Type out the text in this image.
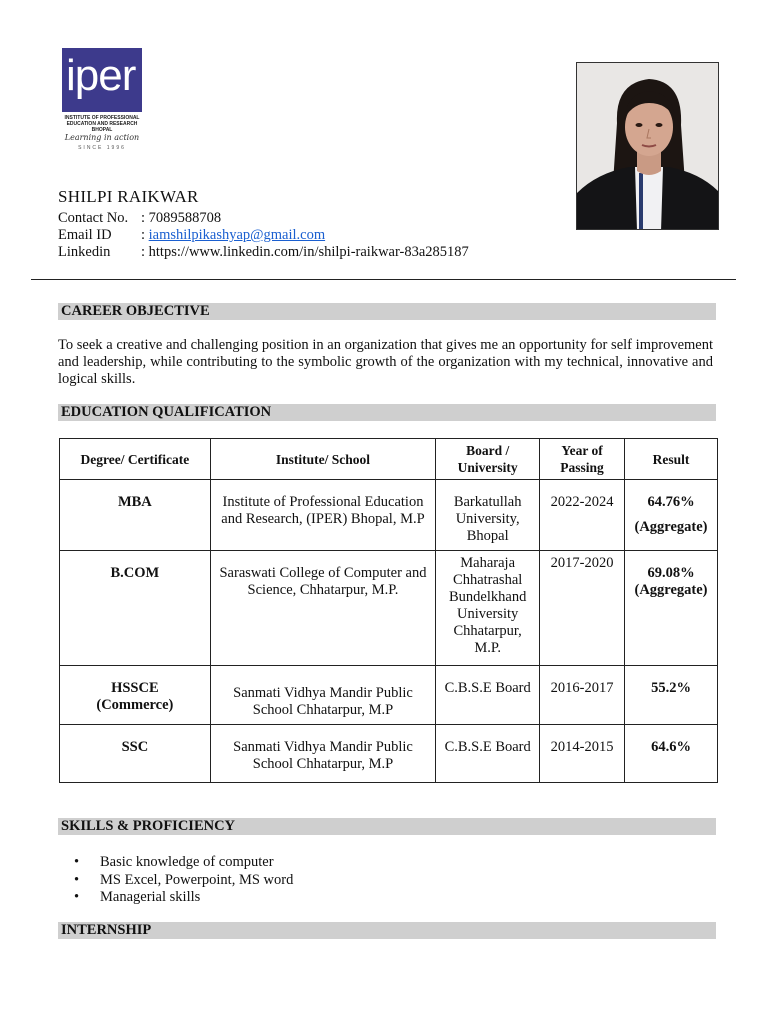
iper
INSTITUTE OF PROFESSIONAL
EDUCATION AND RESEARCH
BHOPAL
Learning in action
SINCE 1996
SHILPI RAIKWAR
Contact No. : 7089588708
Email ID : iamshilpikashyap@gmail.com
Linkedin : https://www.linkedin.com/in/shilpi-raikwar-83a285187
CAREER OBJECTIVE
To seek a creative and challenging position in an organization that gives me an opportunity for self improvement and leadership, while contributing to the symbolic growth of the organization with my technical, innovative and logical skills.
EDUCATION QUALIFICATION
Degree/ Certificate	Institute/ School	Board / University	Year of Passing	Result
MBA	Institute of Professional Education and Research, (IPER) Bhopal, M.P	Barkatullah University, Bhopal	2022-2024	64.76%
(Aggregate)

B.COM	Saraswati College of Computer and Science, Chhatarpur, M.P.	Maharaja Chhatrashal Bundelkhand University Chhatarpur, M.P.	2017-2020	69.08%
(Aggregate)

HSSCE
(Commerce)	Sanmati Vidhya Mandir Public School Chhatarpur, M.P	C.B.S.E Board	2016-2017	55.2%
SSC	Sanmati Vidhya Mandir Public School Chhatarpur, M.P	C.B.S.E Board	2014-2015	64.6%
SKILLS & PROFICIENCY
• Basic knowledge of computer
• MS Excel, Powerpoint, MS word
• Managerial skills
INTERNSHIP
